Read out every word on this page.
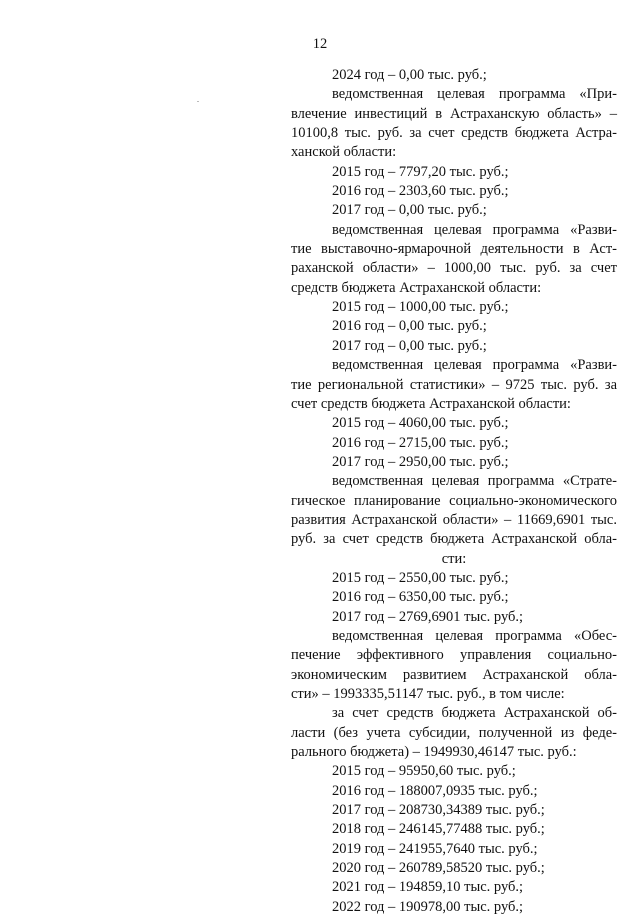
12
2024 год – 0,00 тыс. руб.;
ведомственная целевая программа «При-
влечение инвестиций в Астраханскую область» –
10100,8 тыс. руб. за счет средств бюджета Астра-
ханской области:
2015 год – 7797,20 тыс. руб.;
2016 год – 2303,60 тыс. руб.;
2017 год – 0,00 тыс. руб.;
ведомственная целевая программа «Разви-
тие выставочно-ярмарочной деятельности в Аст-
раханской области» – 1000,00 тыс. руб. за счет
средств бюджета Астраханской области:
2015 год – 1000,00 тыс. руб.;
2016 год – 0,00 тыс. руб.;
2017 год – 0,00 тыс. руб.;
ведомственная целевая программа «Разви-
тие региональной статистики» – 9725 тыс. руб. за
счет средств бюджета Астраханской области:
2015 год – 4060,00 тыс. руб.;
2016 год – 2715,00 тыс. руб.;
2017 год – 2950,00 тыс. руб.;
ведомственная целевая программа «Страте-
гическое планирование социально-экономического
развития Астраханской области» – 11669,6901 тыс.
руб. за счет средств бюджета Астраханской обла-
сти:
2015 год – 2550,00 тыс. руб.;
2016 год – 6350,00 тыс. руб.;
2017 год – 2769,6901 тыс. руб.;
ведомственная целевая программа «Обес-
печение эффективного управления социально-
экономическим развитием Астраханской обла-
сти» – 1993335,51147 тыс. руб., в том числе:
за счет средств бюджета Астраханской об-
ласти (без учета субсидии, полученной из феде-
рального бюджета) – 1949930,46147 тыс. руб.:
2015 год – 95950,60 тыс. руб.;
2016 год – 188007,0935 тыс. руб.;
2017 год – 208730,34389 тыс. руб.;
2018 год – 246145,77488 тыс. руб.;
2019 год – 241955,7640 тыс. руб.;
2020 год – 260789,58520 тыс. руб.;
2021 год – 194859,10 тыс. руб.;
2022 год – 190978,00 тыс. руб.;
